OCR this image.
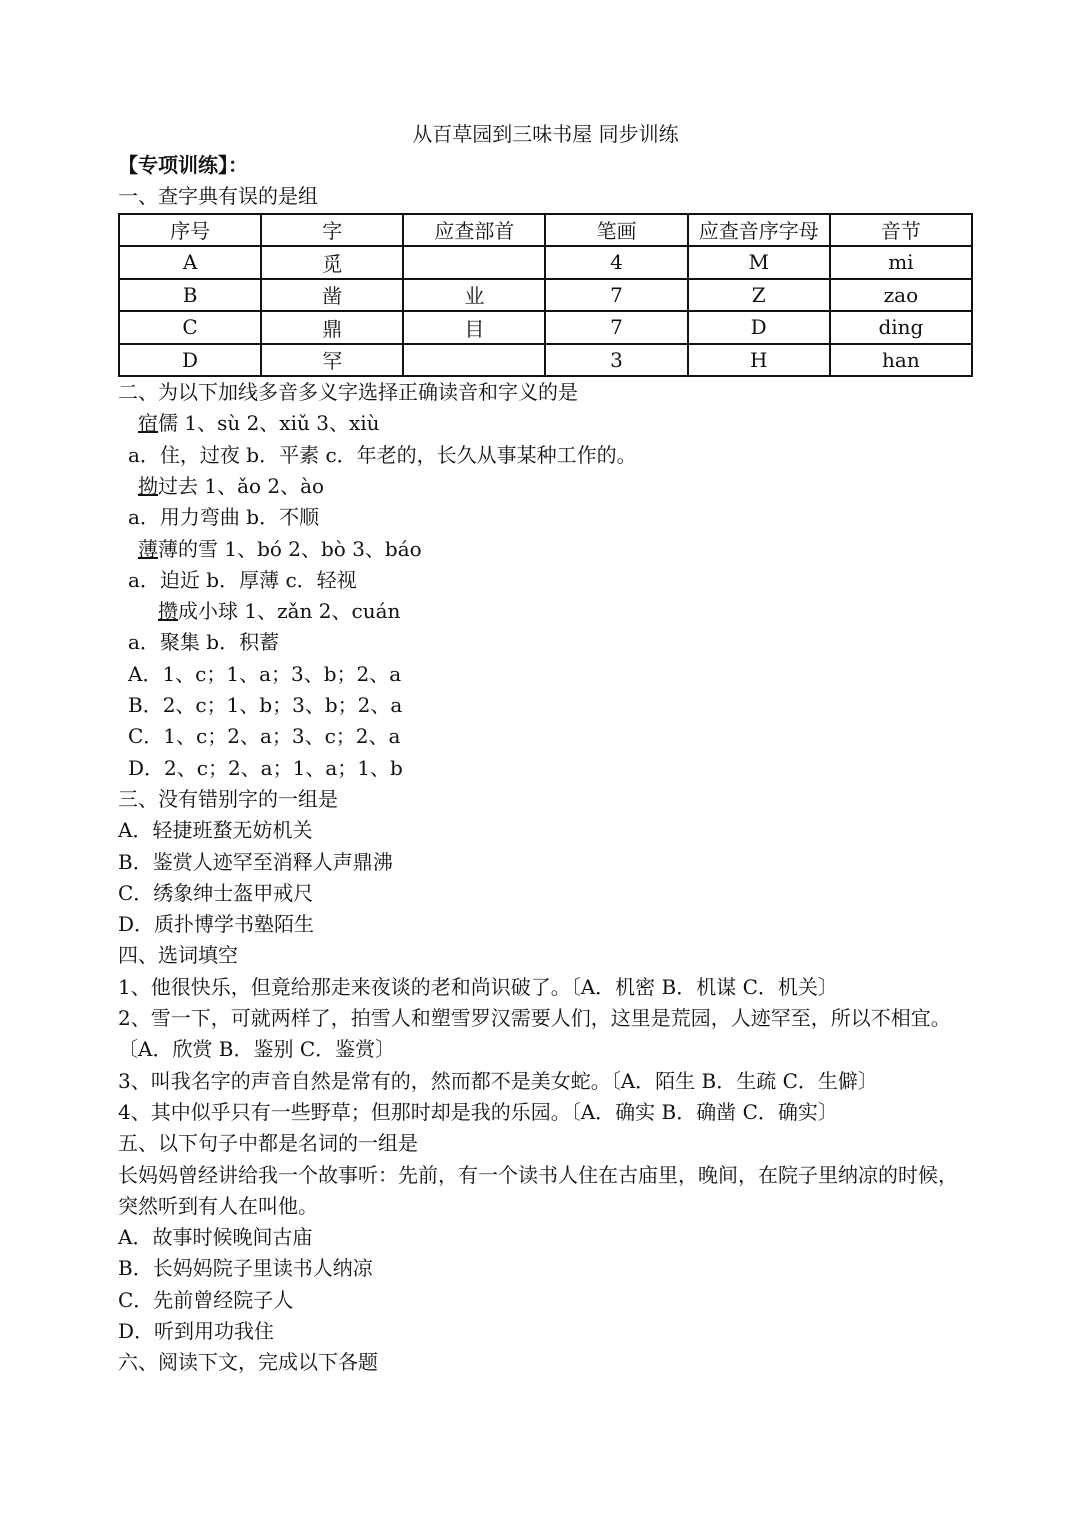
从百草园到三味书屋 同步训练
【专项训练】：
一、查字典有误的是组
序号	字	应查部首	笔画	应查音序字母	音节
A	觅		4	M	mi
B	凿	业	7	Z	zao
C	鼎	目	7	D	ding
D	罕		3	H	han
二、为以下加线多音多义字选择正确读音和字义的是
宿儒 1、sù 2、xiǔ 3、xiù
a．住，过夜 b．平素 c．年老的，长久从事某种工作的。
拗过去 1、ǎo 2、ào
a．用力弯曲 b．不顺
薄薄的雪 1、bó 2、bò 3、báo
a．迫近 b．厚薄 c．轻视
攒成小球 1、zǎn 2、cuán
a．聚集 b．积蓄
A．1、c；1、a；3、b；2、a
B．2、c；1、b；3、b；2、a
C．1、c；2、a；3、c；2、a
D．2、c；2、a；1、a；1、b
三、没有错别字的一组是
A．轻捷班蝥无妨机关
B．鉴赏人迹罕至消释人声鼎沸
C．绣象绅士盔甲戒尺
D．质扑博学书塾陌生
四、选词填空
1、他很快乐，但竟给那走来夜谈的老和尚识破了。〔A．机密 B．机谋 C．机关〕
2、雪一下，可就两样了，拍雪人和塑雪罗汉需要人们，这里是荒园，人迹罕至，所以不相宜。
〔A．欣赏 B．鉴别 C．鉴赏〕
3、叫我名字的声音自然是常有的，然而都不是美女蛇。〔A．陌生 B．生疏 C．生僻〕
4、其中似乎只有一些野草；但那时却是我的乐园。〔A．确实 B．确凿 C．确实〕
五、以下句子中都是名词的一组是
长妈妈曾经讲给我一个故事听：先前，有一个读书人住在古庙里，晚间，在院子里纳凉的时候，突然听到有人在叫他。
A．故事时候晚间古庙
B．长妈妈院子里读书人纳凉
C．先前曾经院子人
D．听到用功我住
六、阅读下文，完成以下各题
